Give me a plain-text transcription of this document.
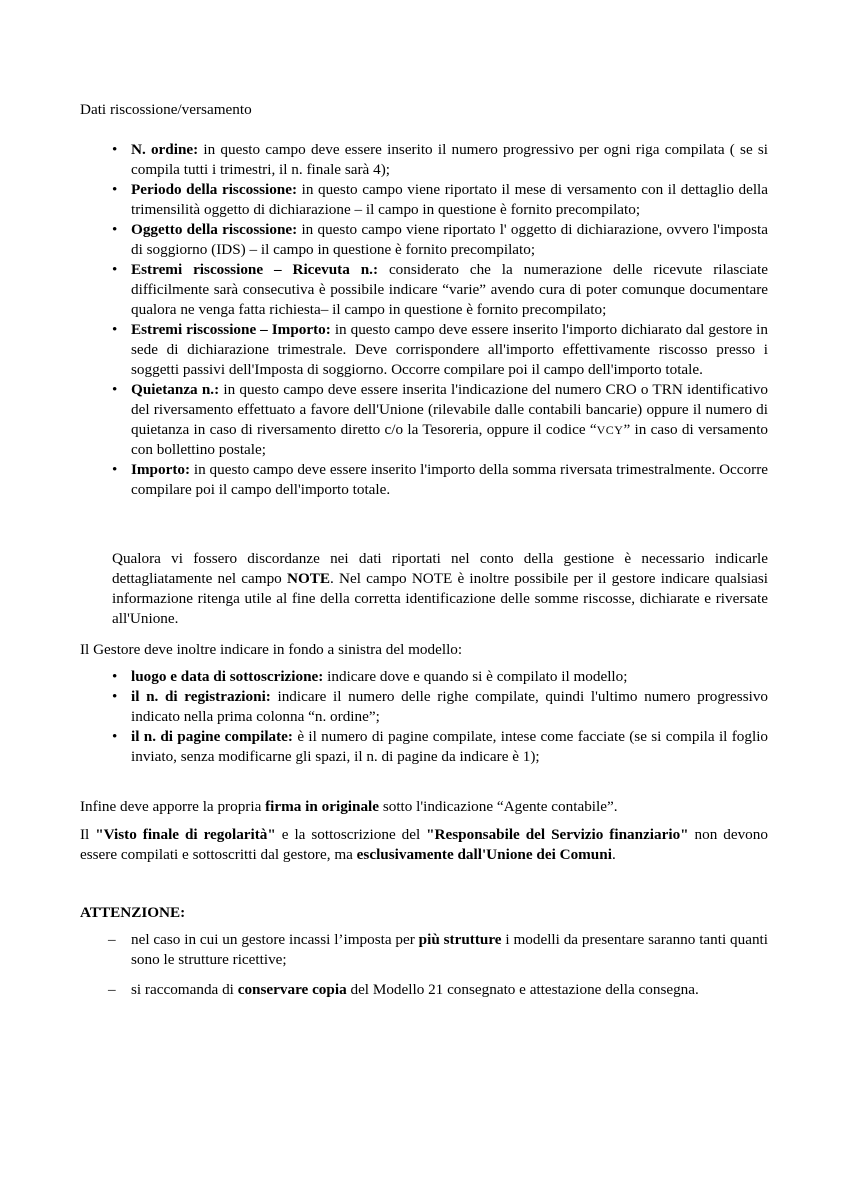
Dati riscossione/versamento

• N. ordine: in questo campo deve essere inserito il numero progressivo per ogni riga compilata ( se si compila tutti i trimestri, il n. finale sarà 4);
• Periodo della riscossione: in questo campo viene riportato il mese di versamento con il dettaglio della trimensilità oggetto di dichiarazione – il campo in questione è fornito precompilato;
• Oggetto della riscossione: in questo campo viene riportato l' oggetto di dichiarazione, ovvero l'imposta di soggiorno (IDS) – il campo in questione è fornito precompilato;
• Estremi riscossione – Ricevuta n.: considerato che la numerazione delle ricevute rilasciate difficilmente sarà consecutiva è possibile indicare “varie” avendo cura di poter comunque documentare qualora ne venga fatta richiesta– il campo in questione è fornito precompilato;
• Estremi riscossione – Importo: in questo campo deve essere inserito l'importo dichiarato dal gestore in sede di dichiarazione trimestrale. Deve corrispondere all'importo effettivamente riscosso presso i soggetti passivi dell'Imposta di soggiorno. Occorre compilare poi il campo dell'importo totale.
• Quietanza n.: in questo campo deve essere inserita l'indicazione del numero CRO o TRN identificativo del riversamento effettuato a favore dell'Unione (rilevabile dalle contabili bancarie) oppure il numero di quietanza in caso di riversamento diretto c/o la Tesoreria, oppure il codice “VCY” in caso di versamento con bollettino postale;
• Importo: in questo campo deve essere inserito l'importo della somma riversata trimestralmente. Occorre compilare poi il campo dell'importo totale.

Qualora vi fossero discordanze nei dati riportati nel conto della gestione è necessario indicarle dettagliatamente nel campo NOTE. Nel campo NOTE è inoltre possibile per il gestore indicare qualsiasi informazione ritenga utile al fine della corretta identificazione delle somme riscosse, dichiarate e riversate all'Unione.

Il Gestore deve inoltre indicare in fondo a sinistra del modello:

• luogo e data di sottoscrizione: indicare dove e quando si è compilato il modello;
• il n. di registrazioni: indicare il numero delle righe compilate, quindi l'ultimo numero progressivo indicato nella prima colonna “n. ordine”;
• il n. di pagine compilate: è il numero di pagine compilate, intese come facciate (se si compila il foglio inviato, senza modificarne gli spazi, il n. di pagine da indicare è 1);

Infine deve apporre la propria firma in originale sotto l'indicazione “Agente contabile”.

Il "Visto finale di regolarità" e la sottoscrizione del "Responsabile del Servizio finanziario" non devono essere compilati e sottoscritti dal gestore, ma esclusivamente dall'Unione dei Comuni.

ATTENZIONE:

– nel caso in cui un gestore incassi l’imposta per più strutture i modelli da presentare saranno tanti quanti sono le strutture ricettive;
– si raccomanda di conservare copia del Modello 21 consegnato e attestazione della consegna.
